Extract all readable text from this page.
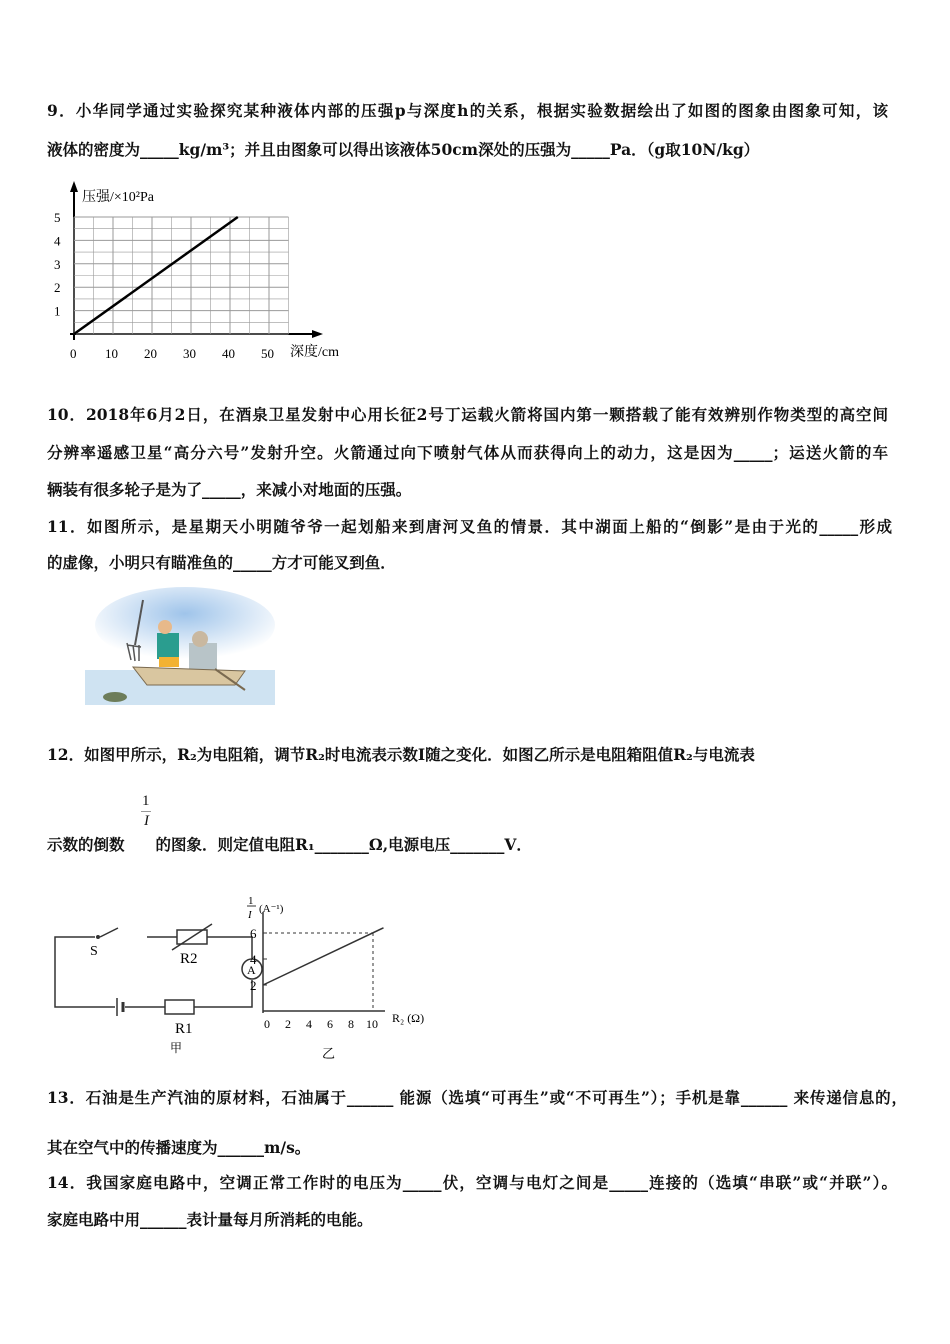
9．小华同学通过实验探究某种液体内部的压强p与深度h的关系，根据实验数据绘出了如图的图象由图象可知，该
液体的密度为_____kg/m³；并且由图象可以得出该液体50cm深处的压强为_____Pa．（g取10N/kg）
压强/×10²Pa
深度/cm
1
2
3
4
5
0 10 20 30 40 50
10．2018年6月2日，在酒泉卫星发射中心用长征2号丁运载火箭将国内第一颗搭载了能有效辨别作物类型的高空间
分辨率遥感卫星“高分六号”发射升空。火箭通过向下喷射气体从而获得向上的动力，这是因为_____；运送火箭的车
辆装有很多轮子是为了_____，来减小对地面的压强。
11．如图所示，是星期天小明随爷爷一起划船来到唐河叉鱼的情景．其中湖面上船的“倒影”是由于光的_____形成
的虚像，小明只有瞄准鱼的_____方才可能叉到鱼．
12．如图甲所示，R₂为电阻箱，调节R₂时电流表示数I随之变化．如图乙所示是电阻箱阻值R₂与电流表
1
I
示数的倒数　　的图象．则定值电阻R₁_______Ω,电源电压_______V．
S	R2
A
R1
甲
2
4
6
0 2 4 6 8 10
1
I (A⁻¹)
R₂ (Ω)
乙
13．石油是生产汽油的原材料，石油属于______ 能源（选填“可再生”或“不可再生”）；手机是靠______ 来传递信息的，
其在空气中的传播速度为______m/s。
14．我国家庭电路中，空调正常工作时的电压为_____伏，空调与电灯之间是_____连接的（选填“串联”或“并联”）。
家庭电路中用______表计量每月所消耗的电能。
